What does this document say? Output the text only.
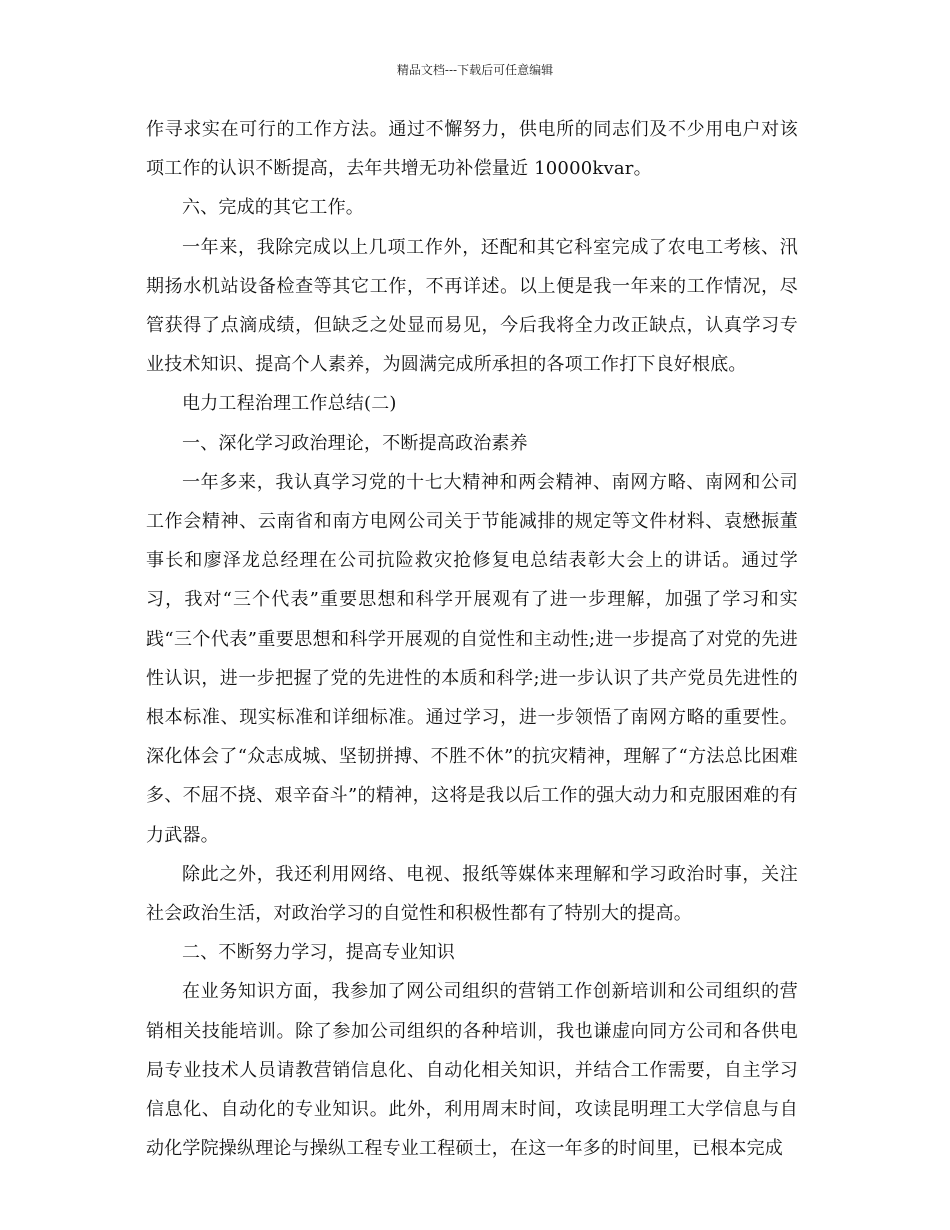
精品文档---下载后可任意编辑

作寻求实在可行的工作方法。通过不懈努力，供电所的同志们及不少用电户对该项工作的认识不断提高，去年共增无功补偿量近 10000kvar。

六、完成的其它工作。

一年来，我除完成以上几项工作外，还配和其它科室完成了农电工考核、汛期扬水机站设备检查等其它工作，不再详述。以上便是我一年来的工作情况，尽管获得了点滴成绩，但缺乏之处显而易见，今后我将全力改正缺点，认真学习专业技术知识、提高个人素养，为圆满完成所承担的各项工作打下良好根底。

电力工程治理工作总结(二)

一、深化学习政治理论，不断提高政治素养

一年多来，我认真学习党的十七大精神和两会精神、南网方略、南网和公司工作会精神、云南省和南方电网公司关于节能减排的规定等文件材料、袁懋振董事长和廖泽龙总经理在公司抗险救灾抢修复电总结表彰大会上的讲话。通过学习，我对“三个代表”重要思想和科学开展观有了进一步理解，加强了学习和实践“三个代表”重要思想和科学开展观的自觉性和主动性;进一步提高了对党的先进性认识，进一步把握了党的先进性的本质和科学;进一步认识了共产党员先进性的根本标准、现实标准和详细标准。通过学习，进一步领悟了南网方略的重要性。深化体会了“众志成城、坚韧拼搏、不胜不休”的抗灾精神，理解了“方法总比困难多、不屈不挠、艰辛奋斗”的精神，这将是我以后工作的强大动力和克服困难的有力武器。

除此之外，我还利用网络、电视、报纸等媒体来理解和学习政治时事，关注社会政治生活，对政治学习的自觉性和积极性都有了特别大的提高。

二、不断努力学习，提高专业知识

在业务知识方面，我参加了网公司组织的营销工作创新培训和公司组织的营销相关技能培训。除了参加公司组织的各种培训，我也谦虚向同方公司和各供电局专业技术人员请教营销信息化、自动化相关知识，并结合工作需要，自主学习信息化、自动化的专业知识。此外，利用周末时间，攻读昆明理工大学信息与自动化学院操纵理论与操纵工程专业工程硕士，在这一年多的时间里，已根本完成
